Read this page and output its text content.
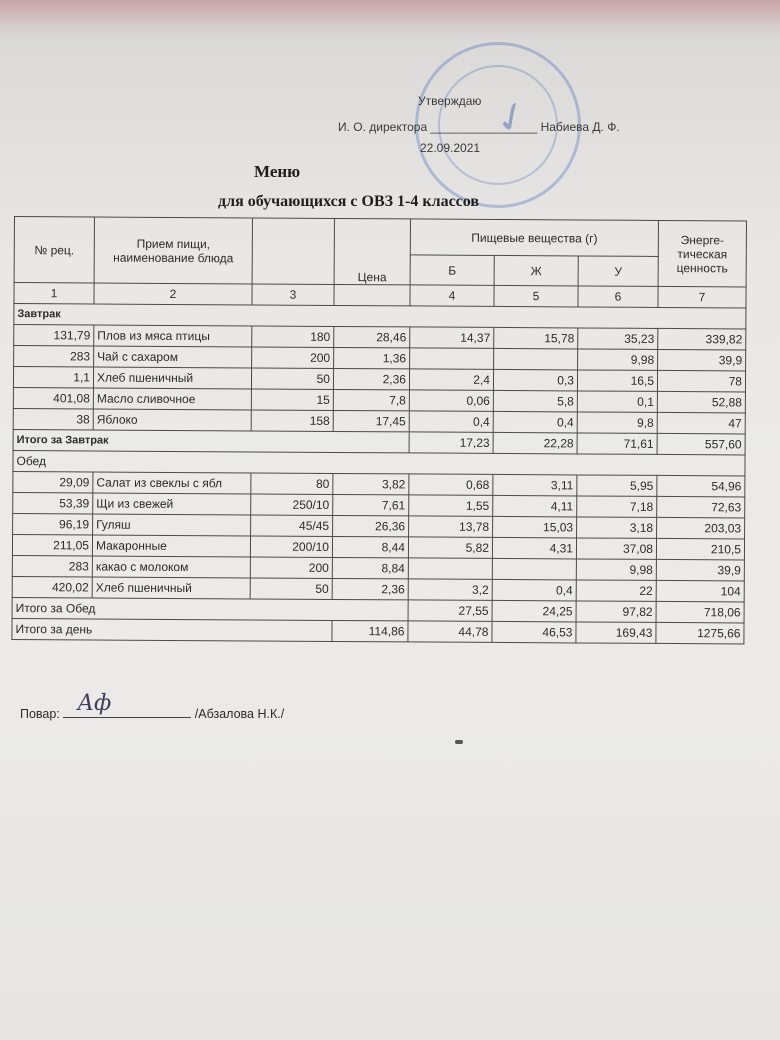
✓
Утверждаю
И. О. директора ________________ Набиева Д. Ф.
22.09.2021
Меню
для обучающихся с ОВЗ 1-4 классов
№ рец.	Прием пищи, наименование блюда		Цена	Пищевые вещества (г)			Энерге-тическая ценность
				Б	Ж	У	
1	2	3		4	5	6	7
Завтрак							
131,79	Плов из мяса птицы	180	28,46	14,37	15,78	35,23	339,82
283	Чай с сахаром	200	1,36			9,98	39,9
1,1	Хлеб пшеничный	50	2,36	2,4	0,3	16,5	78
401,08	Масло сливочное	15	7,8	0,06	5,8	0,1	52,88
38	Яблоко	158	17,45	0,4	0,4	9,8	47
Итого за Завтрак				17,23	22,28	71,61	557,60
Обед							
29,09	Салат из свеклы с ябл	80	3,82	0,68	3,11	5,95	54,96
53,39	Щи из свежей	250/10	7,61	1,55	4,11	7,18	72,63
96,19	Гуляш	45/45	26,36	13,78	15,03	3,18	203,03
211,05	Макаронные	200/10	8,44	5,82	4,31	37,08	210,5
283	какао с молоком	200	8,84			9,98	39,9
420,02	Хлеб пшеничный	50	2,36	3,2	0,4	22	104
Итого за Обед				27,55	24,25	97,82	718,06
Итого за день			114,86	44,78	46,53	169,43	1275,66
Повар: Аф	/Абзалова Н.К./
